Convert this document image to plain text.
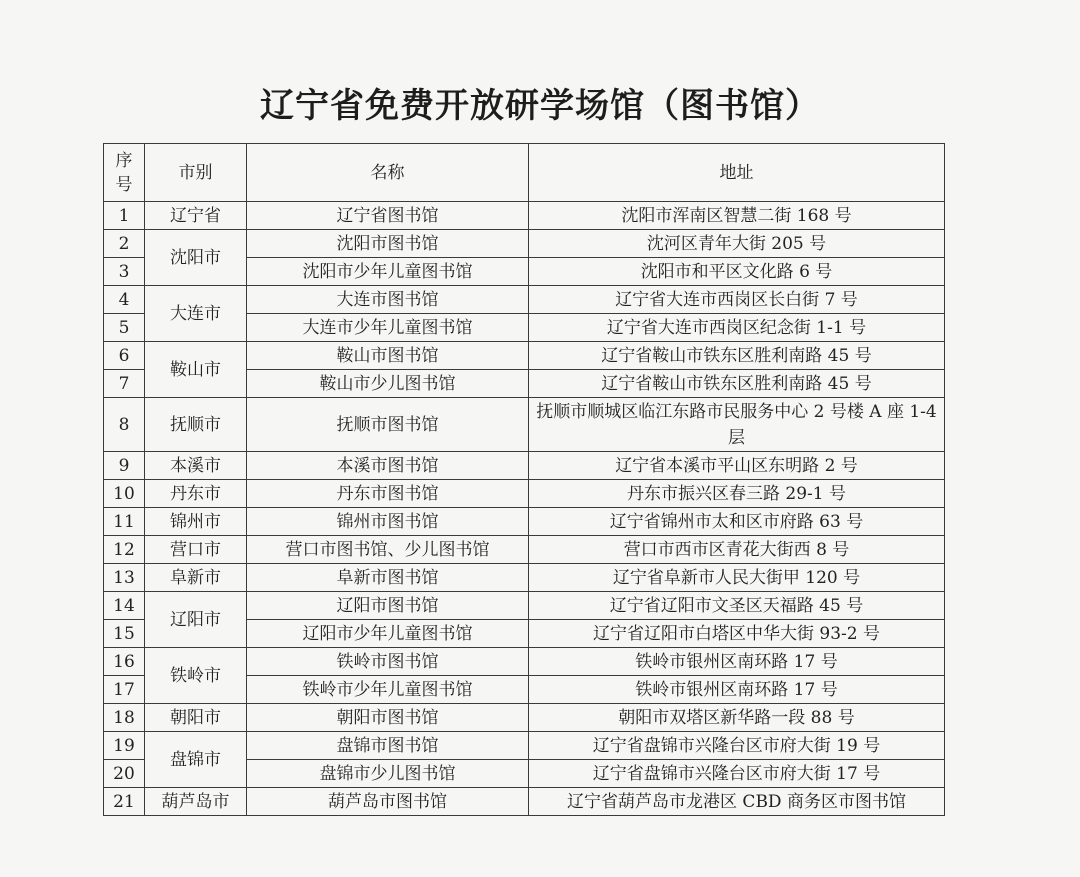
辽宁省免费开放研学场馆（图书馆）
序号	市别	名称	地址
1	辽宁省	辽宁省图书馆	沈阳市浑南区智慧二街 168 号
2	沈阳市	沈阳市图书馆	沈河区青年大街 205 号
3		沈阳市少年儿童图书馆	沈阳市和平区文化路 6 号
4	大连市	大连市图书馆	辽宁省大连市西岗区长白街 7 号
5		大连市少年儿童图书馆	辽宁省大连市西岗区纪念街 1-1 号
6	鞍山市	鞍山市图书馆	辽宁省鞍山市铁东区胜利南路 45 号
7		鞍山市少儿图书馆	辽宁省鞍山市铁东区胜利南路 45 号
8	抚顺市	抚顺市图书馆	抚顺市顺城区临江东路市民服务中心 2 号楼 A 座 1-4 层
9	本溪市	本溪市图书馆	辽宁省本溪市平山区东明路 2 号
10	丹东市	丹东市图书馆	丹东市振兴区春三路 29-1 号
11	锦州市	锦州市图书馆	辽宁省锦州市太和区市府路 63 号
12	营口市	营口市图书馆、少儿图书馆	营口市西市区青花大街西 8 号
13	阜新市	阜新市图书馆	辽宁省阜新市人民大街甲 120 号
14	辽阳市	辽阳市图书馆	辽宁省辽阳市文圣区天福路 45 号
15		辽阳市少年儿童图书馆	辽宁省辽阳市白塔区中华大街 93-2 号
16	铁岭市	铁岭市图书馆	铁岭市银州区南环路 17 号
17		铁岭市少年儿童图书馆	铁岭市银州区南环路 17 号
18	朝阳市	朝阳市图书馆	朝阳市双塔区新华路一段 88 号
19	盘锦市	盘锦市图书馆	辽宁省盘锦市兴隆台区市府大街 19 号
20		盘锦市少儿图书馆	辽宁省盘锦市兴隆台区市府大街 17 号
21	葫芦岛市	葫芦岛市图书馆	辽宁省葫芦岛市龙港区 CBD 商务区市图书馆
